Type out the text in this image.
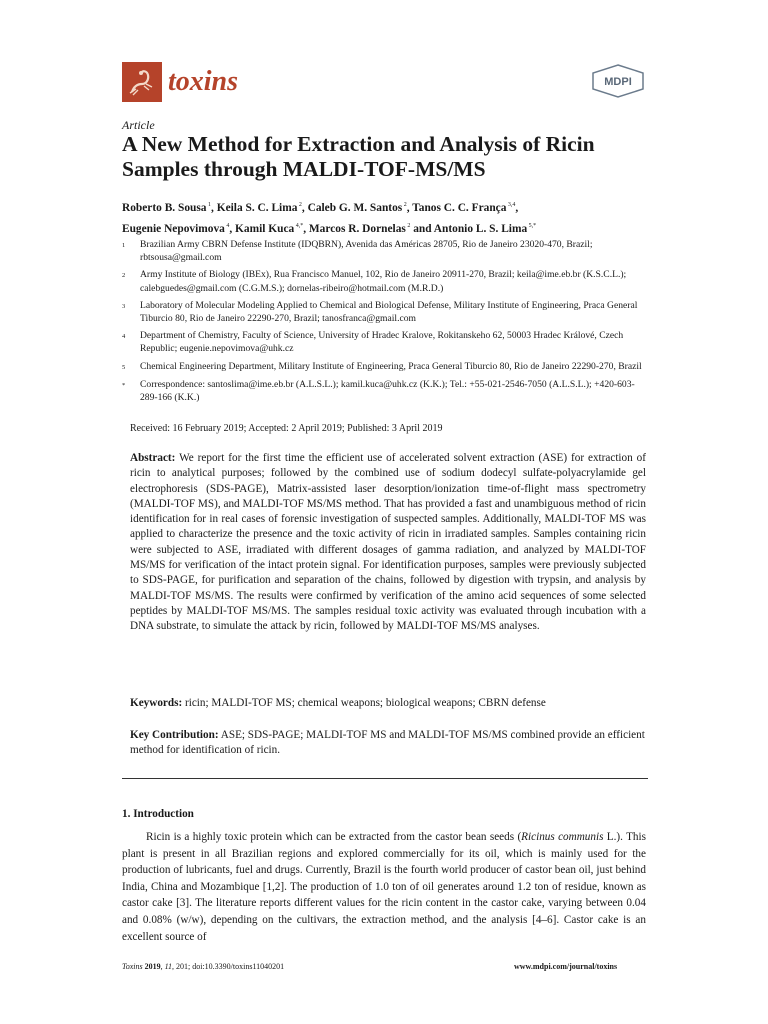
toxins	MDPI
Article
A New Method for Extraction and Analysis of Ricin Samples through MALDI-TOF-MS/MS
Roberto B. Sousa $^1$, Keila S. C. Lima $^2$, Caleb G. M. Santos $^2$, Tanos C. C. França $^{3,4}$,
Eugenie Nepovimova $^4$, Kamil Kuca $^{4,*}$, Marcos R. Dornelas $^2$ and Antonio L. S. Lima $^{5,*}$
1	Brazilian Army CBRN Defense Institute (IDQBRN), Avenida das Américas 28705, Rio de Janeiro 23020-470, Brazil; rbtsousa@gmail.com
2	Army Institute of Biology (IBEx), Rua Francisco Manuel, 102, Rio de Janeiro 20911-270, Brazil; keila@ime.eb.br (K.S.C.L.); calebguedes@gmail.com (C.G.M.S.); dornelas-ribeiro@hotmail.com (M.R.D.)
3	Laboratory of Molecular Modeling Applied to Chemical and Biological Defense, Military Institute of Engineering, Praca General Tiburcio 80, Rio de Janeiro 22290-270, Brazil; tanosfranca@gmail.com
4	Department of Chemistry, Faculty of Science, University of Hradec Kralove, Rokitanskeho 62, 50003 Hradec Králové, Czech Republic; eugenie.nepovimova@uhk.cz
5	Chemical Engineering Department, Military Institute of Engineering, Praca General Tiburcio 80, Rio de Janeiro 22290-270, Brazil
*	Correspondence: santoslima@ime.eb.br (A.L.S.L.); kamil.kuca@uhk.cz (K.K.); Tel.: +55-021-2546-7050 (A.L.S.L.); +420-603-289-166 (K.K.)
Received: 16 February 2019; Accepted: 2 April 2019; Published: 3 April 2019
Abstract: We report for the first time the efficient use of accelerated solvent extraction (ASE) for extraction of ricin to analytical purposes; followed by the combined use of sodium dodecyl sulfate-polyacrylamide gel electrophoresis (SDS-PAGE), Matrix-assisted laser desorption/ionization time-of-flight mass spectrometry (MALDI-TOF MS), and MALDI-TOF MS/MS method. That has provided a fast and unambiguous method of ricin identification for in real cases of forensic investigation of suspected samples. Additionally, MALDI-TOF MS was applied to characterize the presence and the toxic activity of ricin in irradiated samples. Samples containing ricin were subjected to ASE, irradiated with different dosages of gamma radiation, and analyzed by MALDI-TOF MS/MS for verification of the intact protein signal. For identification purposes, samples were previously subjected to SDS-PAGE, for purification and separation of the chains, followed by digestion with trypsin, and analysis by MALDI-TOF MS/MS. The results were confirmed by verification of the amino acid sequences of some selected peptides by MALDI-TOF MS/MS. The samples residual toxic activity was evaluated through incubation with a DNA substrate, to simulate the attack by ricin, followed by MALDI-TOF MS/MS analyses.
Keywords: ricin; MALDI-TOF MS; chemical weapons; biological weapons; CBRN defense
Key Contribution: ASE; SDS-PAGE; MALDI-TOF MS and MALDI-TOF MS/MS combined provide an efficient method for identification of ricin.
1. Introduction
Ricin is a highly toxic protein which can be extracted from the castor bean seeds (Ricinus communis L.). This plant is present in all Brazilian regions and explored commercially for its oil, which is mainly used for the production of lubricants, fuel and drugs. Currently, Brazil is the fourth world producer of castor bean oil, just behind India, China and Mozambique [1,2]. The production of 1.0 ton of oil generates around 1.2 ton of residue, known as castor cake [3]. The literature reports different values for the ricin content in the castor cake, varying between 0.04 and 0.08% (w/w), depending on the cultivars, the extraction method, and the analysis [4–6]. Castor cake is an excellent source of
Toxins 2019, 11, 201; doi:10.3390/toxins11040201	www.mdpi.com/journal/toxins
